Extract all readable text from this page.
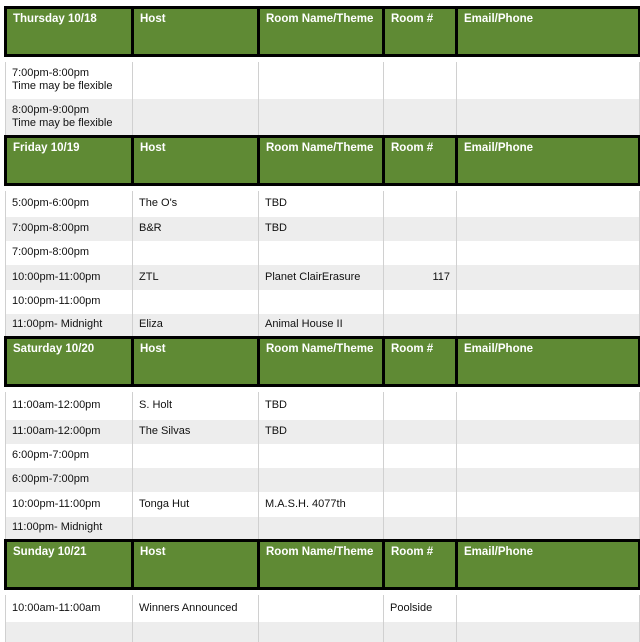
Thursday 10/18	Host	Room Name/Theme	Room #	Email/Phone

7:00pm-8:00pm
Time may be flexible				

8:00pm-9:00pm
Time may be flexible				

Friday 10/19	Host	Room Name/Theme	Room #	Email/Phone

5:00pm-6:00pm	The O's	TBD		

7:00pm-8:00pm	B&R	TBD		

7:00pm-8:00pm				

10:00pm-11:00pm	ZTL	Planet ClairErasure	117	

10:00pm-11:00pm				

11:00pm- Midnight	Eliza	Animal House II		
Saturday 10/20	Host	Room Name/Theme	Room #	Email/Phone

11:00am-12:00pm	S. Holt	TBD		

11:00am-12:00pm	The Silvas	TBD		

6:00pm-7:00pm				

6:00pm-7:00pm				

10:00pm-11:00pm	Tonga Hut	M.A.S.H. 4077th		

11:00pm- Midnight				

Sunday 10/21	Host	Room Name/Theme	Room #	Email/Phone

10:00am-11:00am	Winners Announced		Poolside	
